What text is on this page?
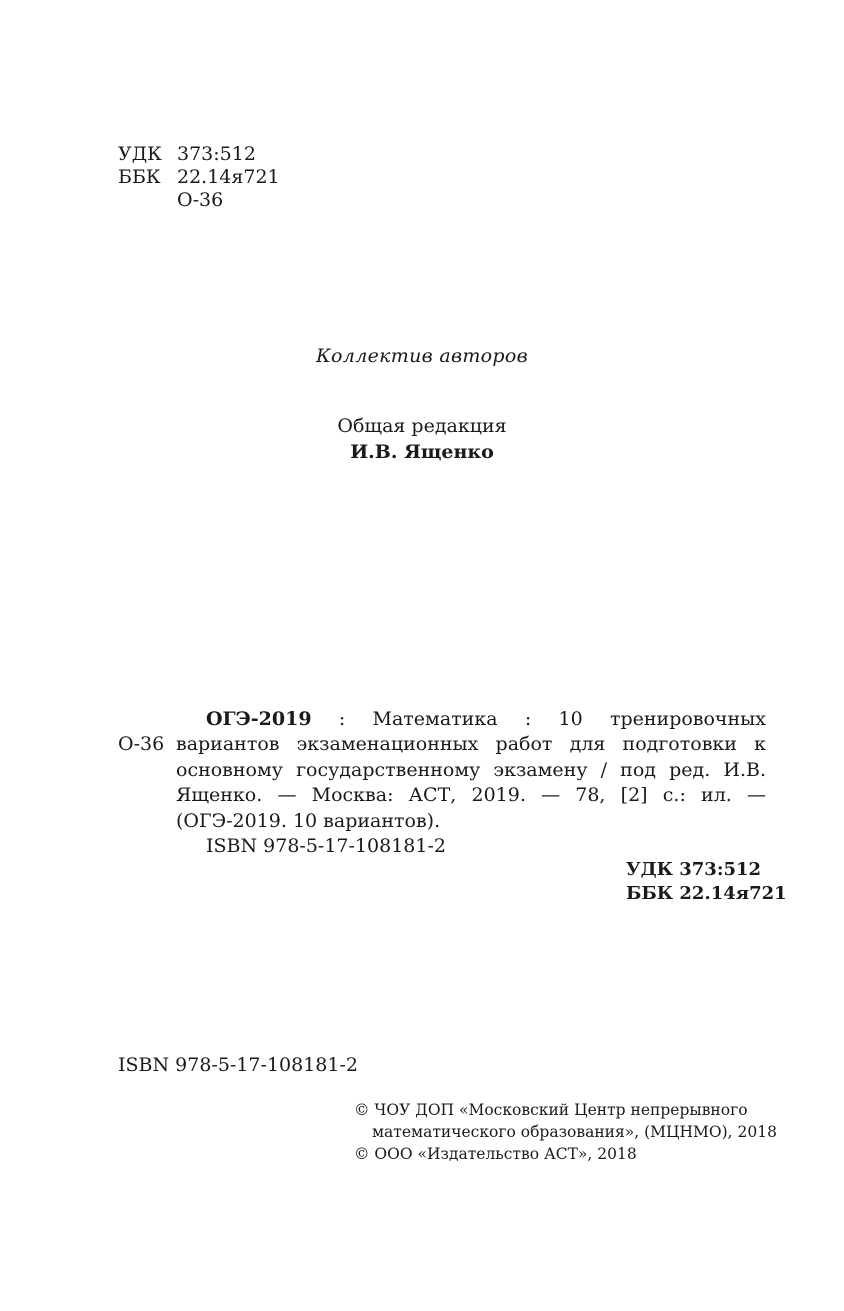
УДК 373:512
ББК 22.14я721
О-36
Коллектив авторов
Общая редакция
И.В. Ященко
О-36

ОГЭ-2019 : Математика : 10 тренировочных вариантов экзаменационных работ для подготовки к основному государственному экзамену / под ред. И.В. Ященко. — Москва: АСТ, 2019. — 78, [2] с.: ил. — (ОГЭ-2019. 10 вариантов).

ISBN 978-5-17-108181-2

УДК 373:512
ББК 22.14я721
ISBN 978-5-17-108181-2
© ЧОУ ДОП «Московский Центр непрерывного
математического образования», (МЦНМО), 2018
© ООО «Издательство АСТ», 2018
